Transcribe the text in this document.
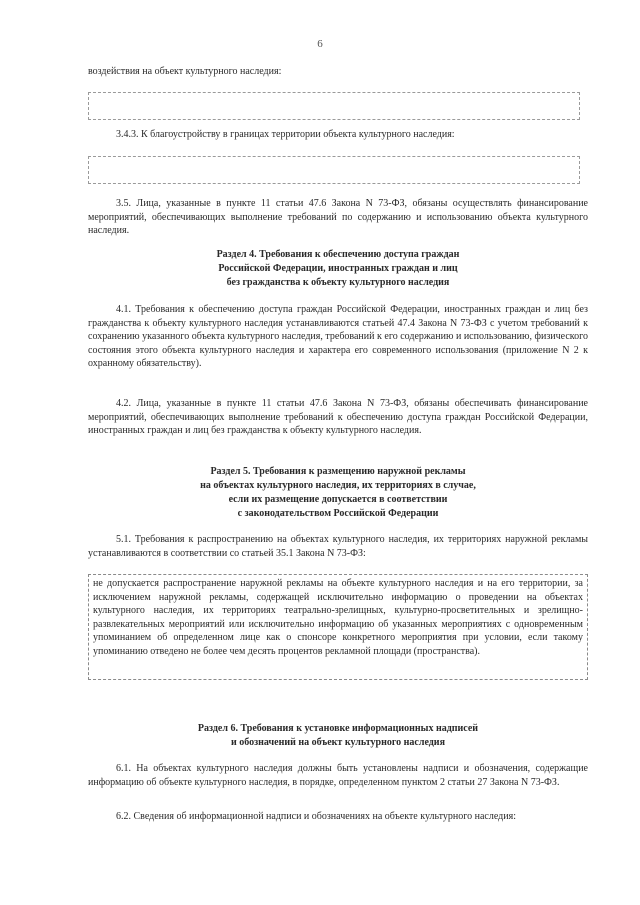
6
воздействия на объект культурного наследия:
3.4.3. К благоустройству в границах территории объекта культурного наследия:
3.5. Лица, указанные в пункте 11 статьи 47.6 Закона N 73-ФЗ, обязаны осуществлять финансирование мероприятий, обеспечивающих выполнение требований по содержанию и использованию объекта культурного наследия.
Раздел 4. Требования к обеспечению доступа граждан
Российской Федерации, иностранных граждан и лиц
без гражданства к объекту культурного наследия
4.1. Требования к обеспечению доступа граждан Российской Федерации, иностранных граждан и лиц без гражданства к объекту культурного наследия устанавливаются статьей 47.4 Закона N 73-ФЗ с учетом требований к сохранению указанного объекта культурного наследия, требований к его содержанию и использованию, физического состояния этого объекта культурного наследия и характера его современного использования (приложение N 2 к охранному обязательству).
4.2. Лица, указанные в пункте 11 статьи 47.6 Закона N 73-ФЗ, обязаны обеспечивать финансирование мероприятий, обеспечивающих выполнение требований к обеспечению доступа граждан Российской Федерации, иностранных граждан и лиц без гражданства к объекту культурного наследия.
Раздел 5. Требования к размещению наружной рекламы
на объектах культурного наследия, их территориях в случае,
если их размещение допускается в соответствии
с законодательством Российской Федерации
5.1. Требования к распространению на объектах культурного наследия, их территориях наружной рекламы устанавливаются в соответствии со статьей 35.1 Закона N 73-ФЗ:
не допускается распространение наружной рекламы на объекте культурного наследия и на его территории, за исключением наружной рекламы, содержащей исключительно информацию о проведении на объектах культурного наследия, их территориях театрально-зрелищных, культурно-просветительных и зрелищно-развлекательных мероприятий или исключительно информацию об указанных мероприятиях с одновременным упоминанием об определенном лице как о спонсоре конкретного мероприятия при условии, если такому упоминанию отведено не более чем десять процентов рекламной площади (пространства).
Раздел 6. Требования к установке информационных надписей
и обозначений на объект культурного наследия
6.1. На объектах культурного наследия должны быть установлены надписи и обозначения, содержащие информацию об объекте культурного наследия, в порядке, определенном пунктом 2 статьи 27 Закона N 73-ФЗ.
6.2. Сведения об информационной надписи и обозначениях на объекте культурного наследия:
